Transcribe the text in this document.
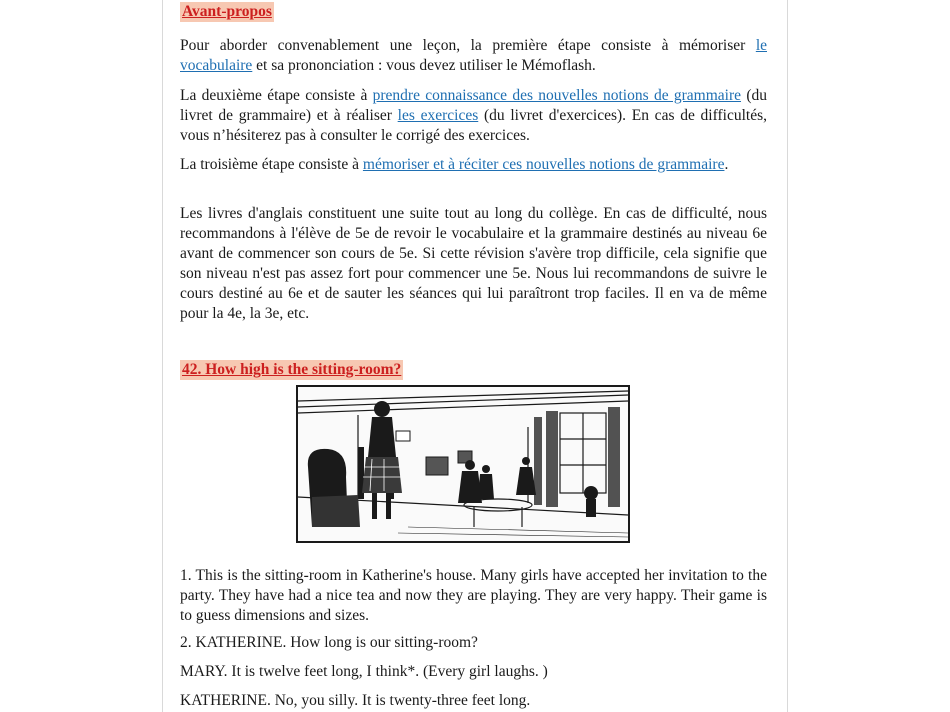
Avant-propos

Pour aborder convenablement une leçon, la première étape consiste à mémoriser le vocabulaire et sa prononciation : vous devez utiliser le Mémoflash.

La deuxième étape consiste à prendre connaissance des nouvelles notions de grammaire (du livret de grammaire) et à réaliser les exercices (du livret d'exercices). En cas de difficultés, vous n’hésiterez pas à consulter le corrigé des exercices.

La troisième étape consiste à mémoriser et à réciter ces nouvelles notions de grammaire.

Les livres d'anglais constituent une suite tout au long du collège. En cas de difficulté, nous recommandons à l'élève de 5e de revoir le vocabulaire et la grammaire destinés au niveau 6e avant de commencer son cours de 5e. Si cette révision s'avère trop difficile, cela signifie que son niveau n'est pas assez fort pour commencer une 5e. Nous lui recommandons de suivre le cours destiné au 6e et de sauter les séances qui lui paraîtront trop faciles. Il en va de même pour la 4e, la 3e, etc.

42. How high is the sitting-room?

1. This is the sitting-room in Katherine's house. Many girls have accepted her invitation to the party. They have had a nice tea and now they are playing. They are very happy. Their game is to guess dimensions and sizes.

2. KATHERINE. How long is our sitting-room?

MARY. It is twelve feet long, I think*. (Every girl laughs. )

KATHERINE. No, you silly. It is twenty-three feet long.
